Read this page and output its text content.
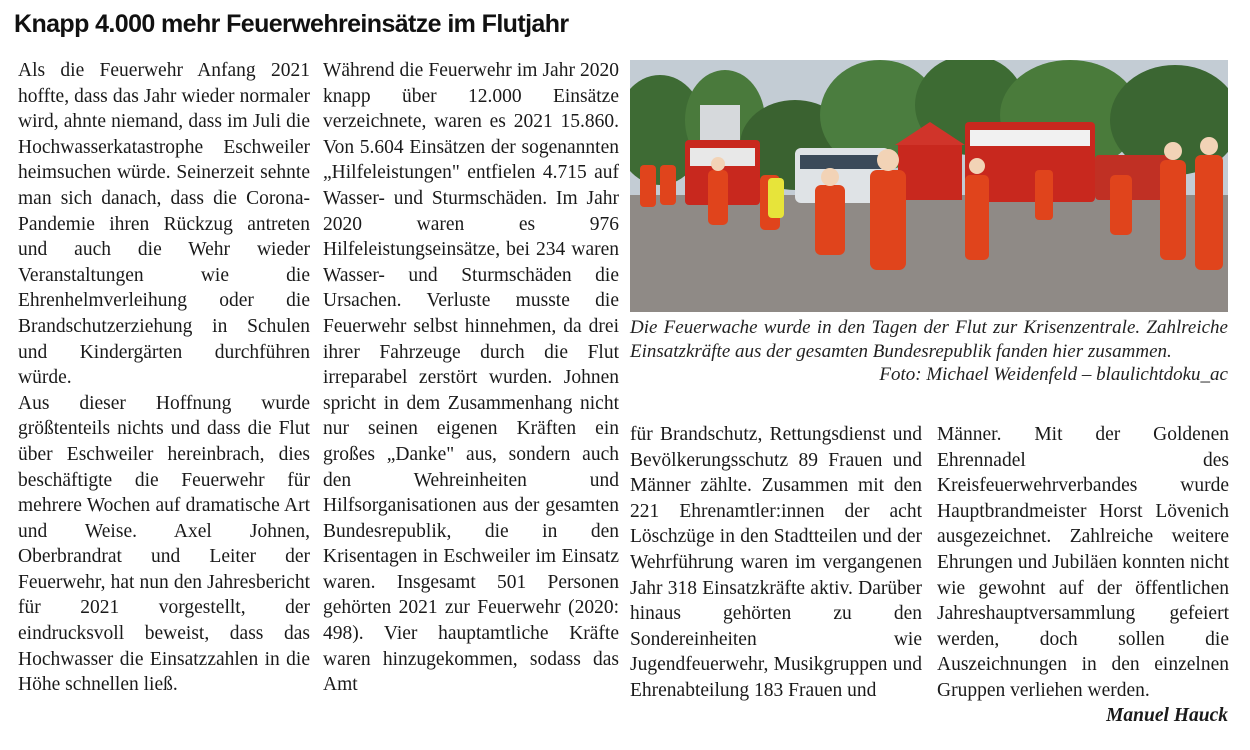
Knapp 4.000 mehr Feuerwehreinsätze im Flutjahr

Als die Feuerwehr Anfang 2021 hoffte, dass das Jahr wieder normaler wird, ahnte niemand, dass im Juli die Hochwasserkatastrophe Eschweiler heimsuchen würde. Seinerzeit sehnte man sich danach, dass die Corona-Pandemie ihren Rückzug antreten und auch die Wehr wieder Veranstaltungen wie die Ehrenhelmverleihung oder die Brandschutzerziehung in Schulen und Kindergärten durchführen würde.

Aus dieser Hoffnung wurde größtenteils nichts und dass die Flut über Eschweiler hereinbrach, dies beschäftigte die Feuerwehr für mehrere Wochen auf dramatische Art und Weise. Axel Johnen, Oberbrandrat und Leiter der Feuerwehr, hat nun den Jahresbericht für 2021 vorgestellt, der eindrucksvoll beweist, dass das Hochwasser die Einsatzzahlen in die Höhe schnellen ließ.

Während die Feuerwehr im Jahr 2020 knapp über 12.000 Einsätze verzeichnete, waren es 2021 15.860. Von 5.604 Einsätzen der sogenannten „Hilfeleistungen" entfielen 4.715 auf Wasser- und Sturmschäden. Im Jahr 2020 waren es 976 Hilfeleistungseinsätze, bei 234 waren Wasser- und Sturmschäden die Ursachen. Verluste musste die Feuerwehr selbst hinnehmen, da drei ihrer Fahrzeuge durch die Flut irreparabel zerstört wurden. Johnen spricht in dem Zusammenhang nicht nur seinen eigenen Kräften ein großes „Danke" aus, sondern auch den Wehreinheiten und Hilfsorganisationen aus der gesamten Bundesrepublik, die in den Krisentagen in Eschweiler im Einsatz waren. Insgesamt 501 Personen gehörten 2021 zur Feuerwehr (2020: 498). Vier hauptamtliche Kräfte waren hinzugekommen, sodass das Amt

Die Feuerwache wurde in den Tagen der Flut zur Krisenzentrale. Zahlreiche Einsatzkräfte aus der gesamten Bundesrepublik fanden hier zusammen.
Foto: Michael Weidenfeld – blaulichtdoku_ac

für Brandschutz, Rettungsdienst und Bevölkerungsschutz 89 Frauen und Männer zählte. Zusammen mit den 221 Ehrenamtler:innen der acht Löschzüge in den Stadtteilen und der Wehrführung waren im vergangenen Jahr 318 Einsatzkräfte aktiv. Darüber hinaus gehörten zu den Sondereinheiten wie Jugendfeuerwehr, Musikgruppen und Ehrenabteilung 183 Frauen und

Männer. Mit der Goldenen Ehrennadel des Kreisfeuerwehrverbandes wurde Hauptbrandmeister Horst Lövenich ausgezeichnet. Zahlreiche weitere Ehrungen und Jubiläen konnten nicht wie gewohnt auf der öffentlichen Jahreshauptversammlung gefeiert werden, doch sollen die Auszeichnungen in den einzelnen Gruppen verliehen werden.

Manuel Hauck
